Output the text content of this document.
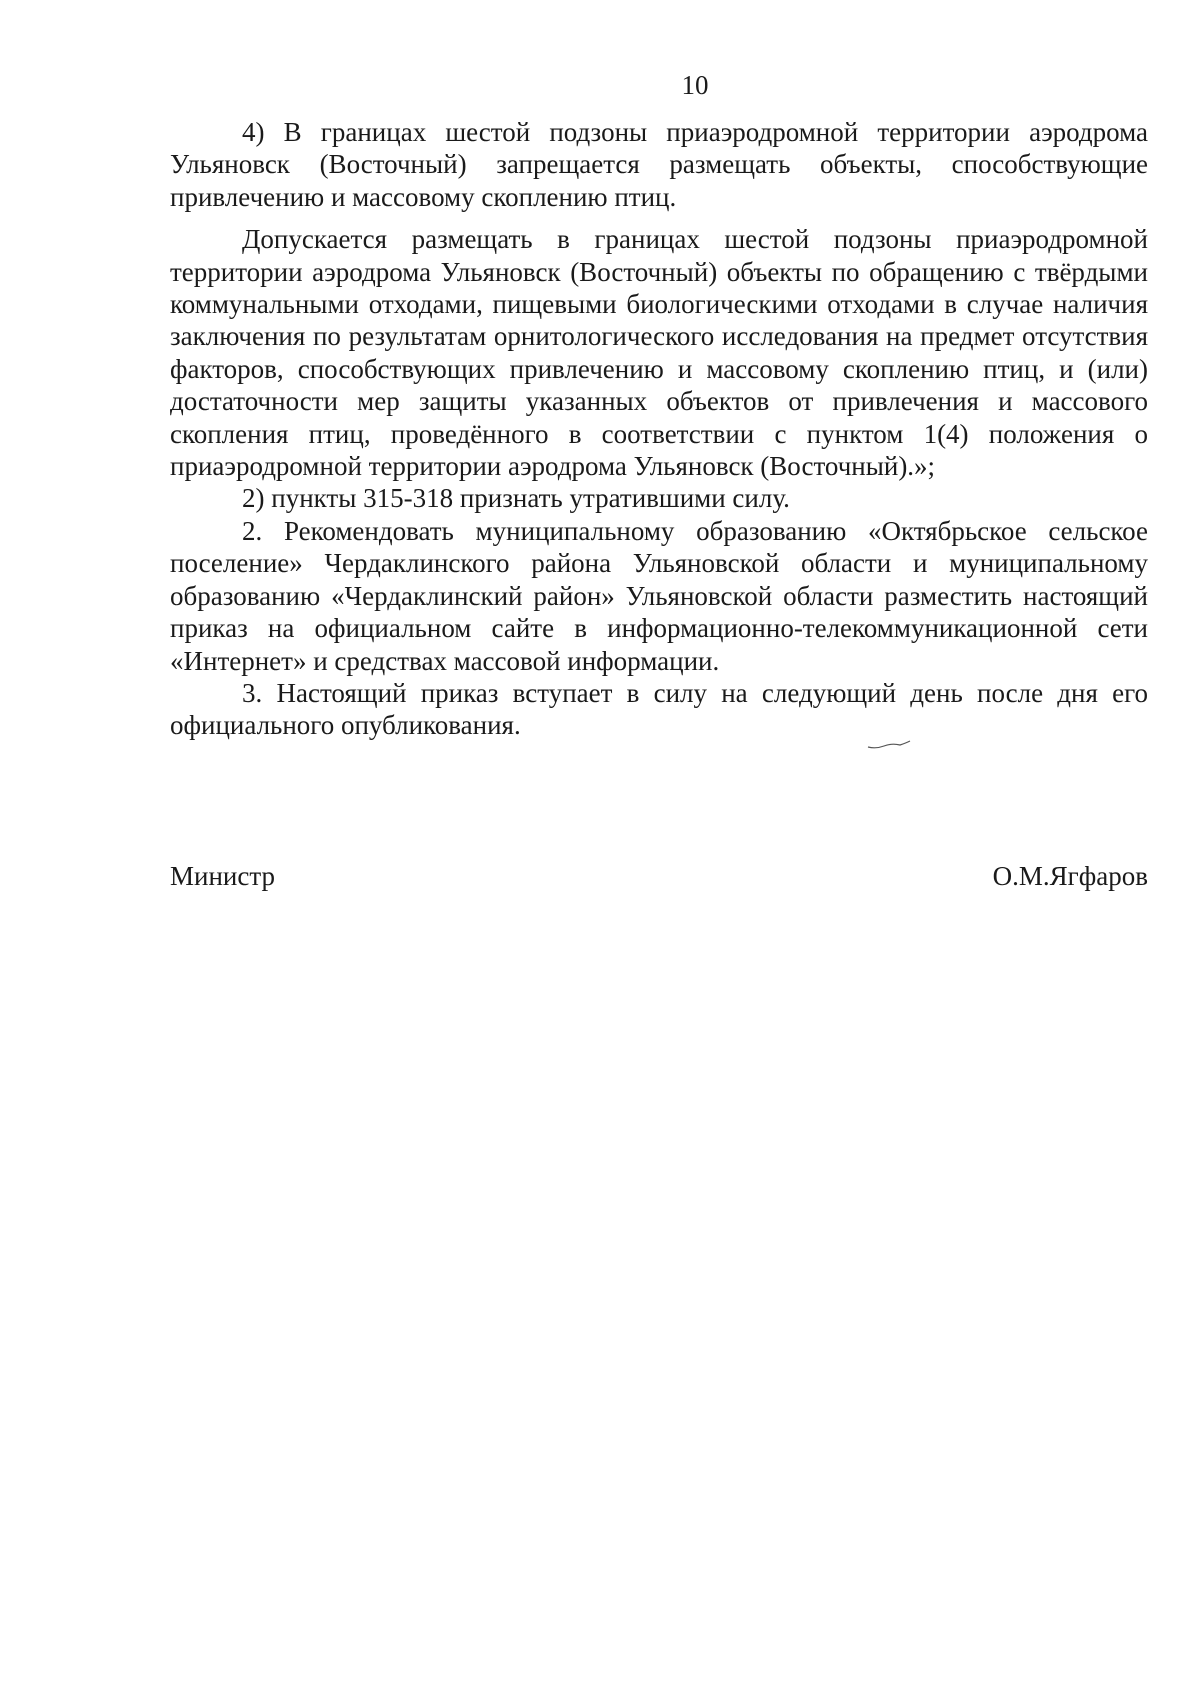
10

4) В границах шестой подзоны приаэродромной территории аэродрома Ульяновск (Восточный) запрещается размещать объекты, способствующие привлечению и массовому скоплению птиц.

Допускается размещать в границах шестой подзоны приаэродромной территории аэродрома Ульяновск (Восточный) объекты по обращению с твёрдыми коммунальными отходами, пищевыми биологическими отходами в случае наличия заключения по результатам орнитологического исследования на предмет отсутствия факторов, способствующих привлечению и массовому скоплению птиц, и (или) достаточности мер защиты указанных объектов от привлечения и массового скопления птиц, проведённого в соответствии с пунктом 1(4) положения о приаэродромной территории аэродрома Ульяновск (Восточный).»;

2) пункты 315-318 признать утратившими силу.

2. Рекомендовать муниципальному образованию «Октябрьское сельское поселение» Чердаклинского района Ульяновской области и муниципальному образованию «Чердаклинский район» Ульяновской области разместить настоящий приказ на официальном сайте в информационно-телекоммуникационной сети «Интернет» и средствах массовой информации.

3. Настоящий приказ вступает в силу на следующий день после дня его официального опубликования.

Министр	О.М.Ягфаров
